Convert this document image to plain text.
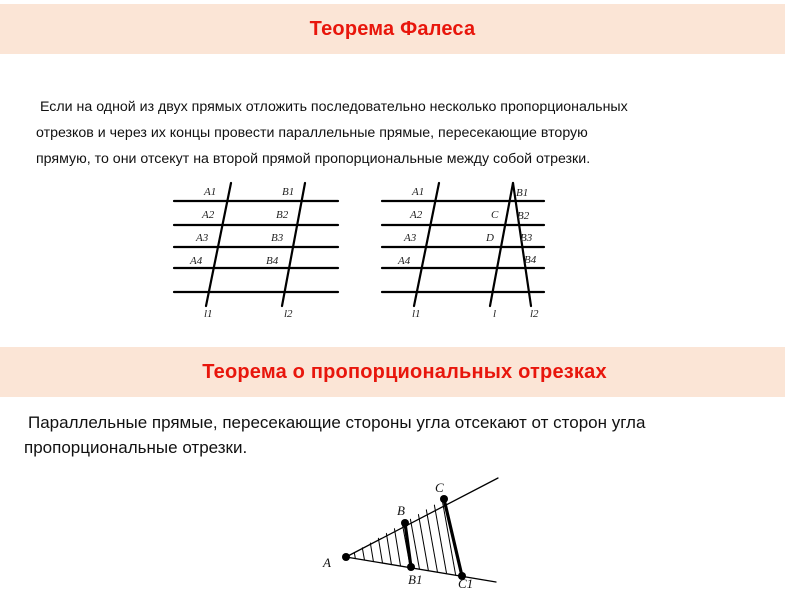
Теорема Фалеса
Если на одной из двух прямых отложить последовательно несколько пропорциональных
отрезков и через их концы провести параллельные прямые, пересекающие вторую
прямую, то они отсекут на второй прямой пропорциональные между собой отрезки.
A1
A2
A3
A4
B1
B2
B3
B4
l1	l2
A1
A2
A3
A4
B1
B2
B3
B4
C
D
l1	l	l2
Теорема о пропорциональных отрезках
Параллельные прямые, пересекающие стороны угла отсекают от сторон угла
пропорциональные отрезки.
A
B
C
B1	C1
